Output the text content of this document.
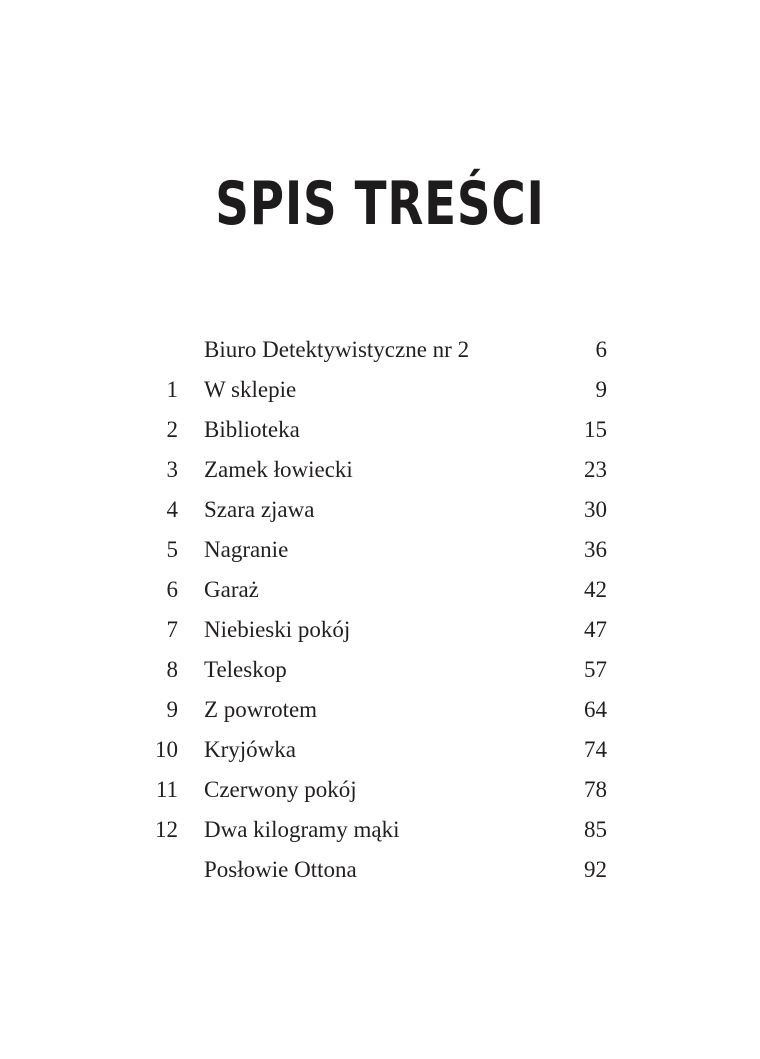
SPIS TREŚCI
Biuro Detektywistyczne nr 2	6
1 W sklepie	9
2 Biblioteka	15
3 Zamek łowiecki	23
4 Szara zjawa	30
5 Nagranie	36
6 Garaż	42
7 Niebieski pokój	47
8 Teleskop	57
9 Z powrotem	64
10 Kryjówka	74
11 Czerwony pokój	78
12 Dwa kilogramy mąki	85
Posłowie Ottona	92
